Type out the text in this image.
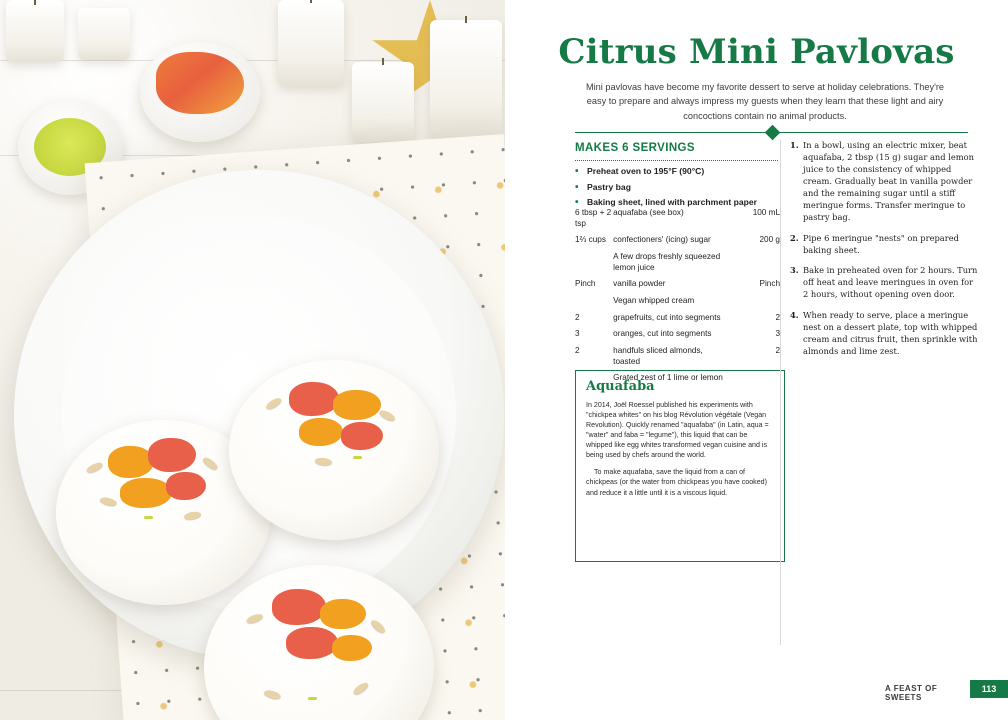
Citrus Mini Pavlovas
Mini pavlovas have become my favorite dessert to serve at holiday celebrations. They're easy to prepare and always impress my guests when they learn that these light and airy concoctions contain no animal products.
MAKES 6 SERVINGS
• Preheat oven to 195°F (90°C)
• Pastry bag
• Baking sheet, lined with parchment paper
6 tbsp + 2 tsp	aquafaba (see box)	100 mL
1⅔ cups	confectioners' (icing) sugar	200 g
	A few drops freshly squeezed lemon juice	
Pinch	vanilla powder	Pinch
	Vegan whipped cream	
2	grapefruits, cut into segments	2
3	oranges, cut into segments	3
2	handfuls sliced almonds, toasted	2
	Grated zest of 1 lime or lemon	
Aquafaba

In 2014, Joël Roessel published his experiments with "chickpea whites" on his blog Révolution végétale (Vegan Revolution). Quickly renamed "aquafaba" (in Latin, aqua = "water" and faba = "legume"), this liquid that can be whipped like egg whites transformed vegan cuisine and is being used by chefs around the world.

To make aquafaba, save the liquid from a can of chickpeas (or the water from chickpeas you have cooked) and reduce it a little until it is a viscous liquid.

1. In a bowl, using an electric mixer, beat aquafaba, 2 tbsp (15 g) sugar and lemon juice to the consistency of whipped cream. Gradually beat in vanilla powder and the remaining sugar until a stiff meringue forms. Transfer meringue to pastry bag.
2. Pipe 6 meringue "nests" on prepared baking sheet.
3. Bake in preheated oven for 2 hours. Turn off heat and leave meringues in oven for 2 hours, without opening oven door.
4. When ready to serve, place a meringue nest on a dessert plate, top with whipped cream and citrus fruit, then sprinkle with almonds and lime zest.
A FEAST OF SWEETS
113
